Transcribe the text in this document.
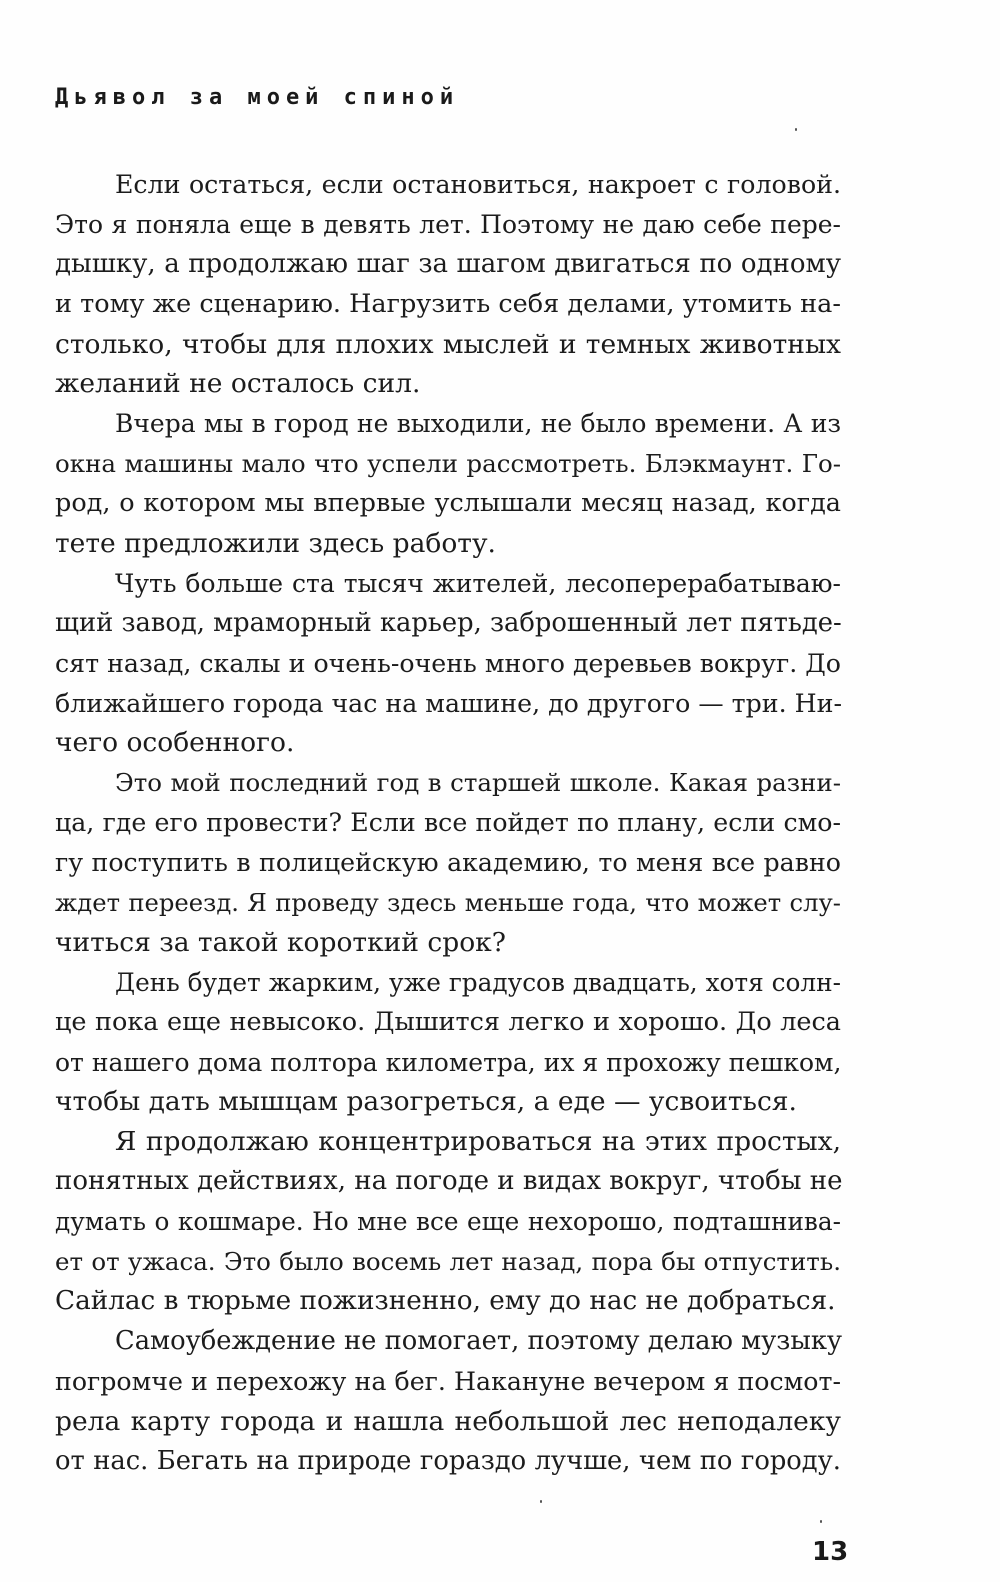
Дьявол за моей спиной
Если остаться, если остановиться, накроет с головой.
Это я поняла еще в девять лет. Поэтому не даю себе пере-
дышку, а продолжаю шаг за шагом двигаться по одному
и тому же сценарию. Нагрузить себя делами, утомить на-
столько, чтобы для плохих мыслей и темных животных
желаний не осталось сил.
Вчера мы в город не выходили, не было времени. А из
окна машины мало что успели рассмотреть. Блэкмаунт. Го-
род, о котором мы впервые услышали месяц назад, когда
тете предложили здесь работу.
Чуть больше ста тысяч жителей, лесоперерабатываю-
щий завод, мраморный карьер, заброшенный лет пятьде-
сят назад, скалы и очень-очень много деревьев вокруг. До
ближайшего города час на машине, до другого — три. Ни-
чего особенного.
Это мой последний год в старшей школе. Какая разни-
ца, где его провести? Если все пойдет по плану, если смо-
гу поступить в полицейскую академию, то меня все равно
ждет переезд. Я проведу здесь меньше года, что может слу-
читься за такой короткий срок?
День будет жарким, уже градусов двадцать, хотя солн-
це пока еще невысоко. Дышится легко и хорошо. До леса
от нашего дома полтора километра, их я прохожу пешком,
чтобы дать мышцам разогреться, а еде — усвоиться.
Я продолжаю концентрироваться на этих простых,
понятных действиях, на погоде и видах вокруг, чтобы не
думать о кошмаре. Но мне все еще нехорошо, подташнива-
ет от ужаса. Это было восемь лет назад, пора бы отпустить.
Сайлас в тюрьме пожизненно, ему до нас не добраться.
Самоубеждение не помогает, поэтому делаю музыку
погромче и перехожу на бег. Накануне вечером я посмот-
рела карту города и нашла небольшой лес неподалеку
от нас. Бегать на природе гораздо лучше, чем по городу.
13
